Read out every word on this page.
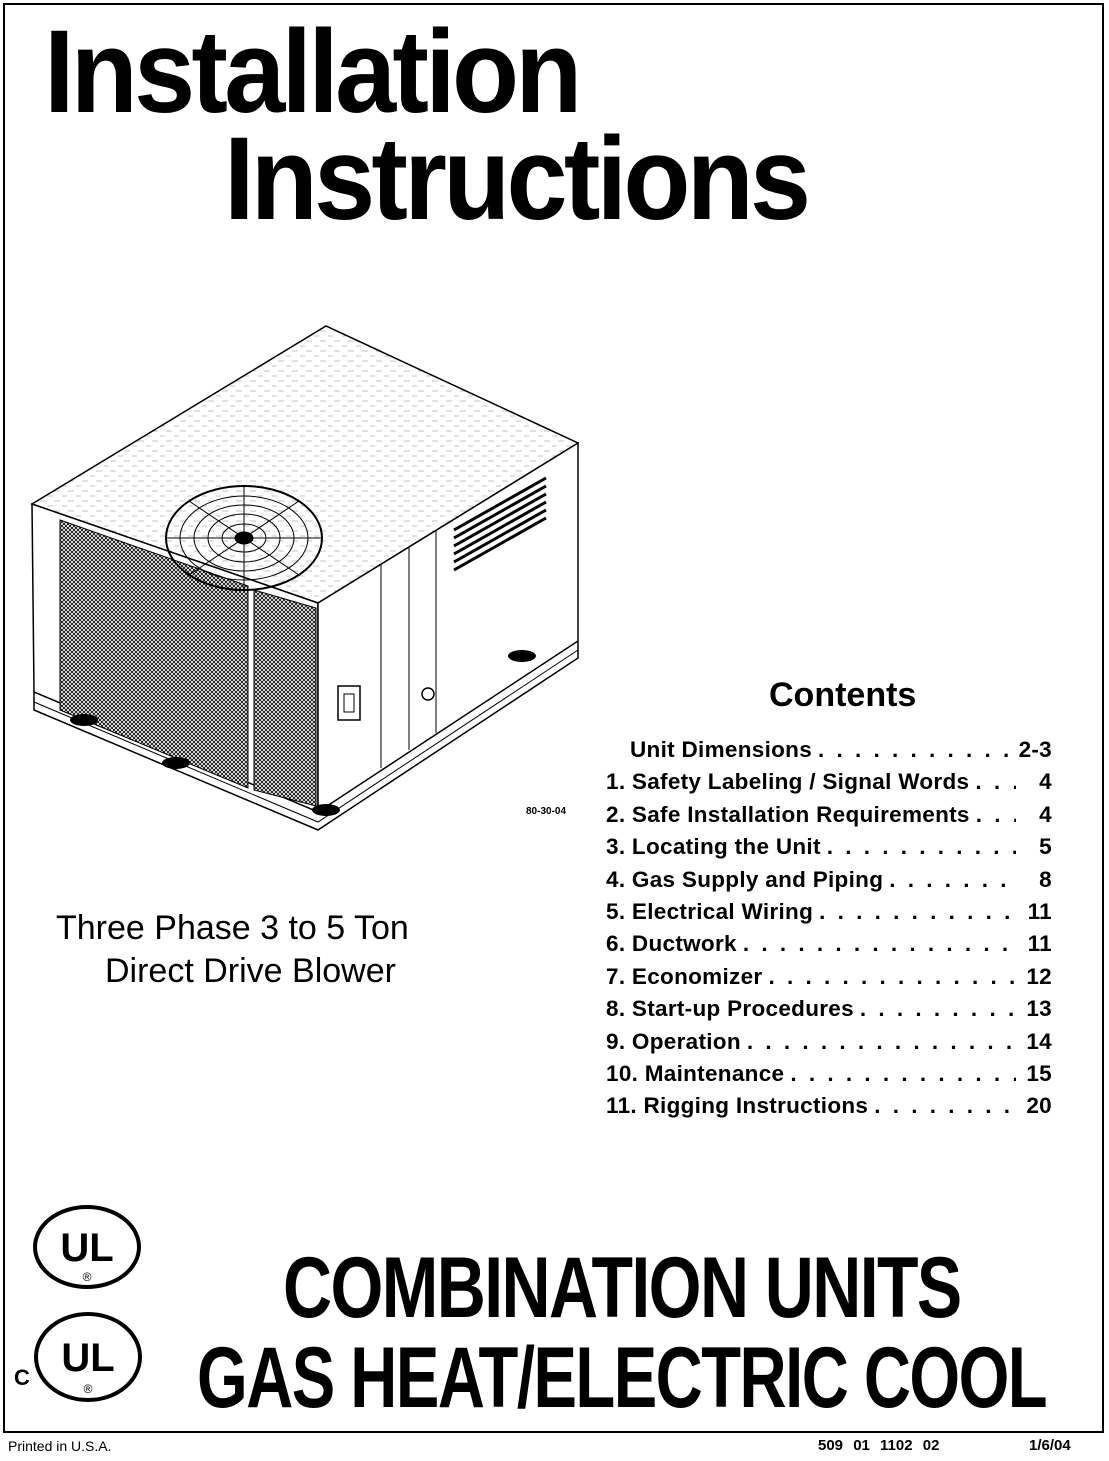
Installation
Instructions
80-30-04
Three Phase 3 to 5 Ton
Direct Drive Blower
Contents
Unit Dimensions . . .	2-3
1. Safety Labeling / Signal Words . . .	4
2. Safe Installation Requirements . . .	4
3. Locating the Unit . . .	5
4. Gas Supply and Piping . . .	8
5. Electrical Wiring . . .	11
6. Ductwork . . .	11
7. Economizer . . .	12
8. Start-up Procedures . . .	13
9. Operation . . .	14
10. Maintenance . . .	15
11. Rigging Instructions . . .	20
UL
®
C UL
®
COMBINATION UNITS
GAS HEAT/ELECTRIC COOL
Printed in U.S.A.	509 01 1102 02	1/6/04
